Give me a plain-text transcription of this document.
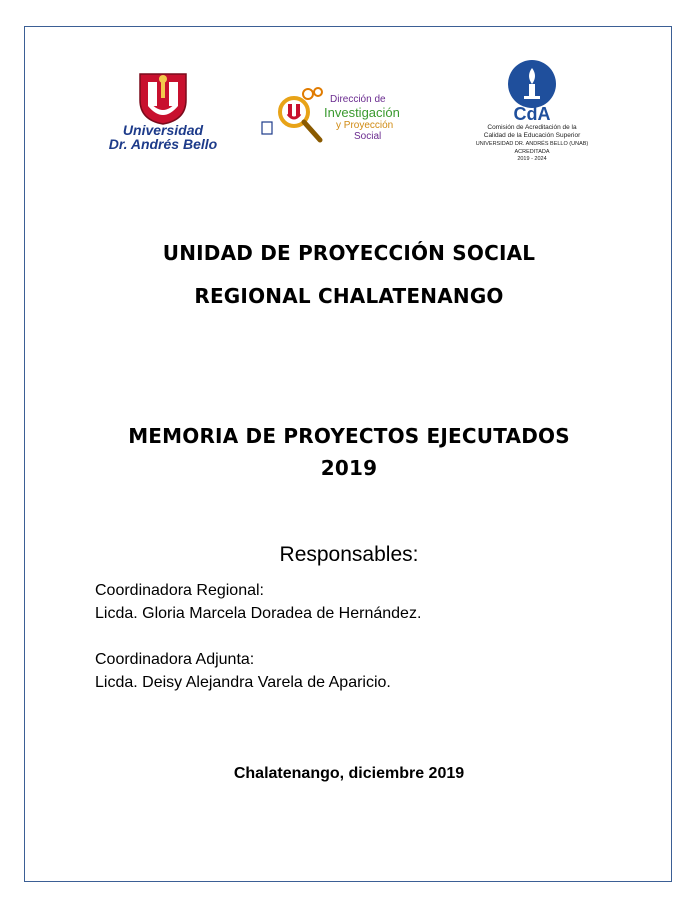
Universidad
Dr. Andrés Bello
Dirección de
Investigación
y Proyección
Social
CdA
Comisión de Acreditación de la
Calidad de la Educación Superior
UNIVERSIDAD DR. ANDRÉS BELLO (UNAB)
ACREDITADA
2019 - 2024
UNIDAD DE PROYECCIÓN SOCIAL
REGIONAL CHALATENANGO
MEMORIA DE PROYECTOS EJECUTADOS
2019
Responsables:
Coordinadora Regional:
Licda. Gloria Marcela Doradea de Hernández.
Coordinadora Adjunta:
Licda. Deisy Alejandra Varela de Aparicio.
Chalatenango, diciembre 2019
